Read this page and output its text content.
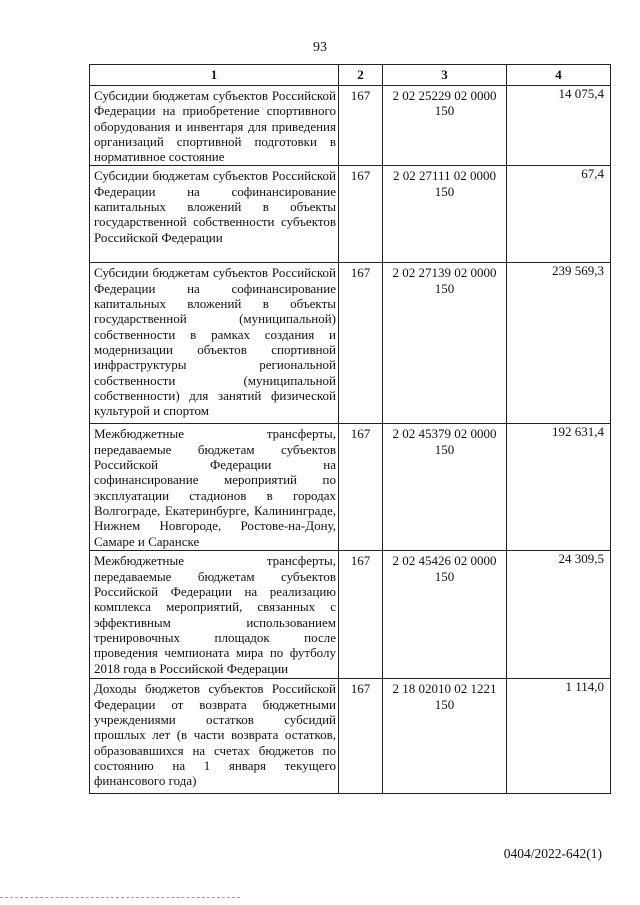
93
1	2	3	4
Субсидии бюджетам субъектов Российской Федерации на приобретение спортивного оборудования и инвентаря для приведения организаций спортивной подготовки в нормативное состояние	167	2 02 25229 02 0000 150	14 075,4
Субсидии бюджетам субъектов Российской Федерации на софинансирование капитальных вложений в объекты государственной собственности субъектов Российской Федерации	167	2 02 27111 02 0000 150	67,4
Субсидии бюджетам субъектов Российской Федерации на софинансирование капитальных вложений в объекты государственной (муниципальной) собственности в рамках создания и модернизации объектов спортивной инфраструктуры региональной собственности (муниципальной собственности) для занятий физической культурой и спортом	167	2 02 27139 02 0000 150	239 569,3
Межбюджетные трансферты, передаваемые бюджетам субъектов Российской Федерации на софинансирование мероприятий по эксплуатации стадионов в городах Волгограде, Екатеринбурге, Калининграде, Нижнем Новгороде, Ростове-на-Дону, Самаре и Саранске	167	2 02 45379 02 0000 150	192 631,4
Межбюджетные трансферты, передаваемые бюджетам субъектов Российской Федерации на реализацию комплекса мероприятий, связанных с эффективным использованием тренировочных площадок после проведения чемпионата мира по футболу 2018 года в Российской Федерации	167	2 02 45426 02 0000 150	24 309,5
Доходы бюджетов субъектов Российской Федерации от возврата бюджетными учреждениями остатков субсидий прошлых лет (в части возврата остатков, образовавшихся на счетах бюджетов по состоянию на 1 января текущего финансового года)	167	2 18 02010 02 1221 150	1 114,0
0404/2022-642(1)
